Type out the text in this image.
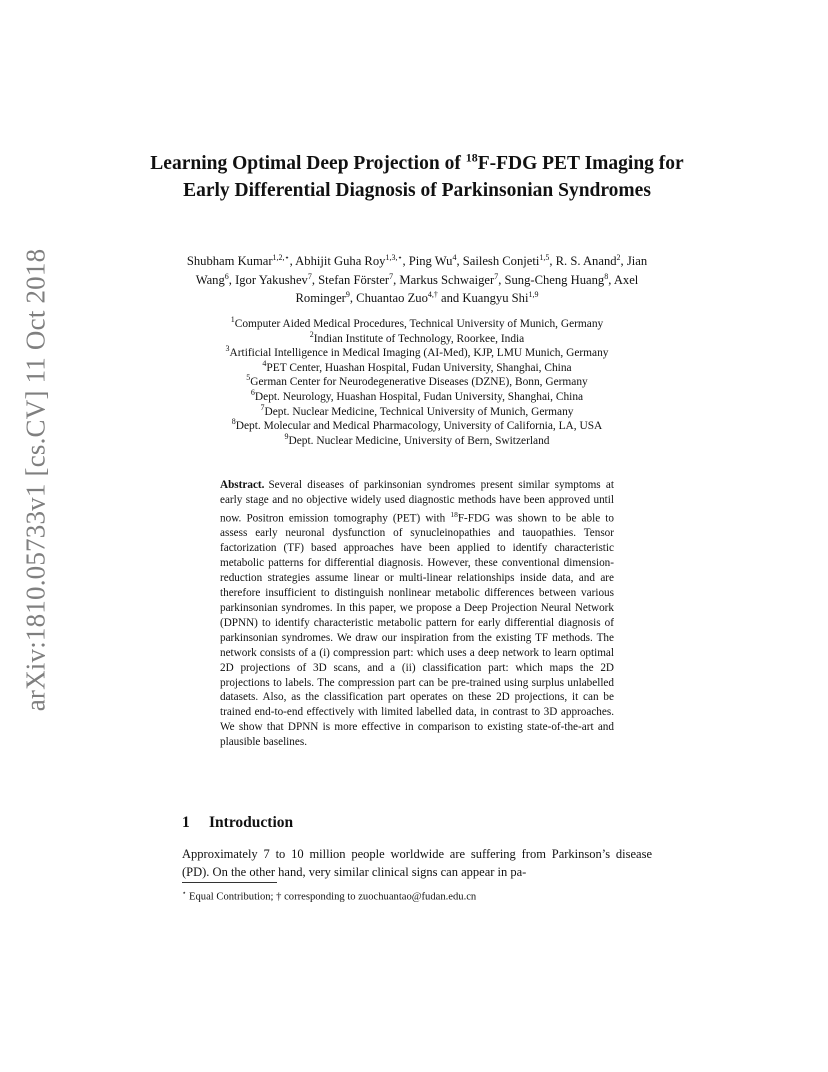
arXiv:1810.05733v1 [cs.CV] 11 Oct 2018
Learning Optimal Deep Projection of $^{18}$F-FDG PET Imaging for Early Differential Diagnosis of Parkinsonian Syndromes
Shubham Kumar$^{1,2,⋆}$, Abhijit Guha Roy$^{1,3,⋆}$, Ping Wu$^4$, Sailesh Conjeti$^{1,5}$, R. S. Anand$^2$, Jian Wang$^6$, Igor Yakushev$^7$, Stefan Förster$^7$, Markus Schwaiger$^7$, Sung-Cheng Huang$^8$, Axel Rominger$^9$, Chuantao Zuo$^{4,\dagger}$ and Kuangyu Shi$^{1,9}$
$^1$Computer Aided Medical Procedures, Technical University of Munich, Germany
$^2$Indian Institute of Technology, Roorkee, India
$^3$Artificial Intelligence in Medical Imaging (AI-Med), KJP, LMU Munich, Germany
$^4$PET Center, Huashan Hospital, Fudan University, Shanghai, China
$^5$German Center for Neurodegenerative Diseases (DZNE), Bonn, Germany
$^6$Dept. Neurology, Huashan Hospital, Fudan University, Shanghai, China
$^7$Dept. Nuclear Medicine, Technical University of Munich, Germany
$^8$Dept. Molecular and Medical Pharmacology, University of California, LA, USA
$^9$Dept. Nuclear Medicine, University of Bern, Switzerland
Abstract. Several diseases of parkinsonian syndromes present similar symptoms at early stage and no objective widely used diagnostic methods have been approved until now. Positron emission tomography (PET) with $^{18}$F-FDG was shown to be able to assess early neuronal dysfunction of synucleinopathies and tauopathies. Tensor factorization (TF) based approaches have been applied to identify characteristic metabolic patterns for differential diagnosis. However, these conventional dimension-reduction strategies assume linear or multi-linear relationships inside data, and are therefore insufficient to distinguish nonlinear metabolic differences between various parkinsonian syndromes. In this paper, we propose a Deep Projection Neural Network (DPNN) to identify characteristic metabolic pattern for early differential diagnosis of parkinsonian syndromes. We draw our inspiration from the existing TF methods. The network consists of a (i) compression part: which uses a deep network to learn optimal 2D projections of 3D scans, and a (ii) classification part: which maps the 2D projections to labels. The compression part can be pre-trained using surplus unlabelled datasets. Also, as the classification part operates on these 2D projections, it can be trained end-to-end effectively with limited labelled data, in contrast to 3D approaches. We show that DPNN is more effective in comparison to existing state-of-the-art and plausible baselines.
1 Introduction
Approximately 7 to 10 million people worldwide are suffering from Parkinson’s disease (PD). On the other hand, very similar clinical signs can appear in pa-
⋆ Equal Contribution; † corresponding to zuochuantao@fudan.edu.cn
